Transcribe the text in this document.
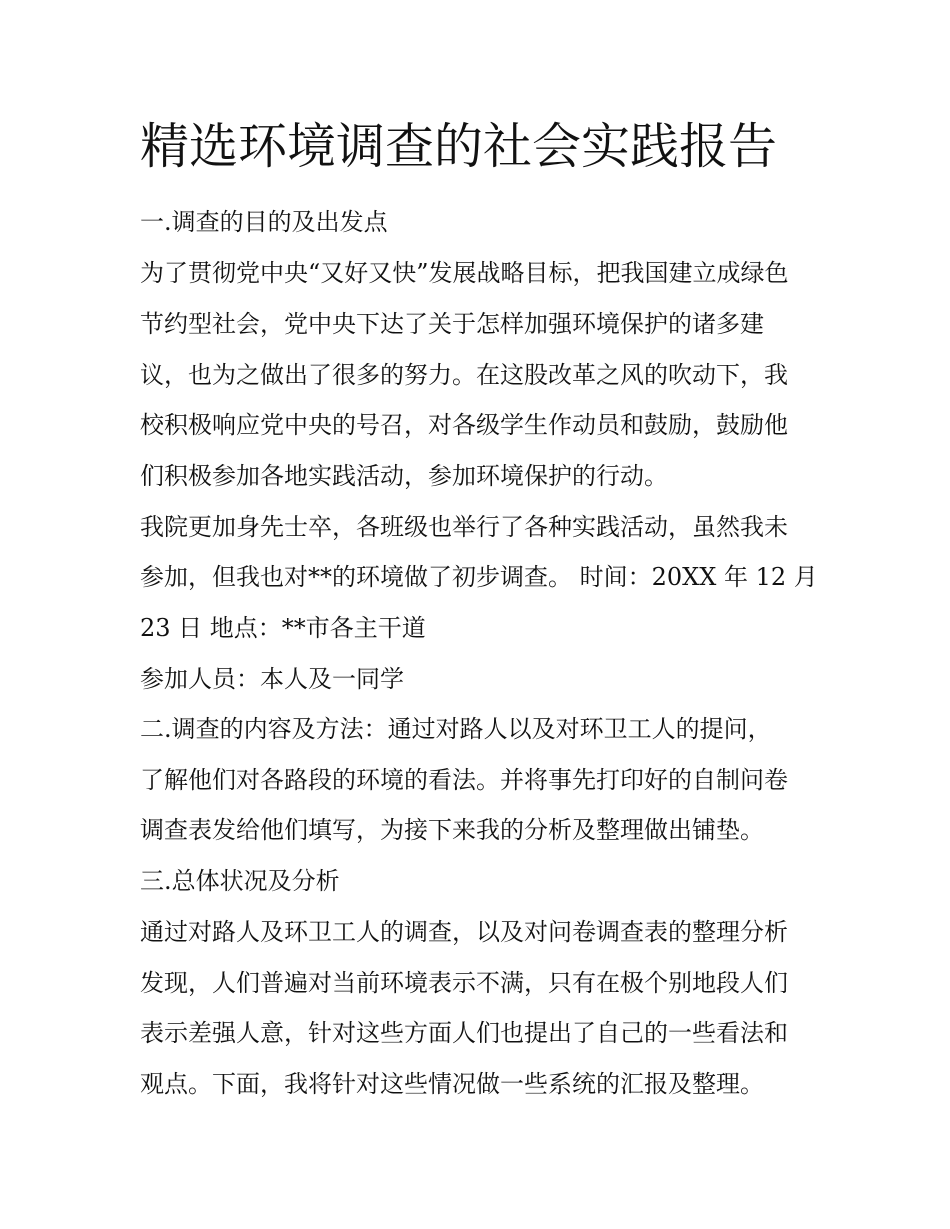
精选环境调查的社会实践报告

一.调查的目的及出发点

为了贯彻党中央“又好又快”发展战略目标，把我国建立成绿色

节约型社会，党中央下达了关于怎样加强环境保护的诸多建

议，也为之做出了很多的努力。在这股改革之风的吹动下，我

校积极响应党中央的号召，对各级学生作动员和鼓励，鼓励他

们积极参加各地实践活动，参加环境保护的行动。

我院更加身先士卒，各班级也举行了各种实践活动，虽然我未

参加，但我也对**的环境做了初步调查。 时间：20XX 年 12 月

23 日 地点：**市各主干道

参加人员：本人及一同学

二.调查的内容及方法：通过对路人以及对环卫工人的提问，

了解他们对各路段的环境的看法。并将事先打印好的自制问卷

调查表发给他们填写，为接下来我的分析及整理做出铺垫。

三.总体状况及分析

通过对路人及环卫工人的调查，以及对问卷调查表的整理分析

发现，人们普遍对当前环境表示不满，只有在极个别地段人们

表示差强人意，针对这些方面人们也提出了自己的一些看法和

观点。下面，我将针对这些情况做一些系统的汇报及整理。
